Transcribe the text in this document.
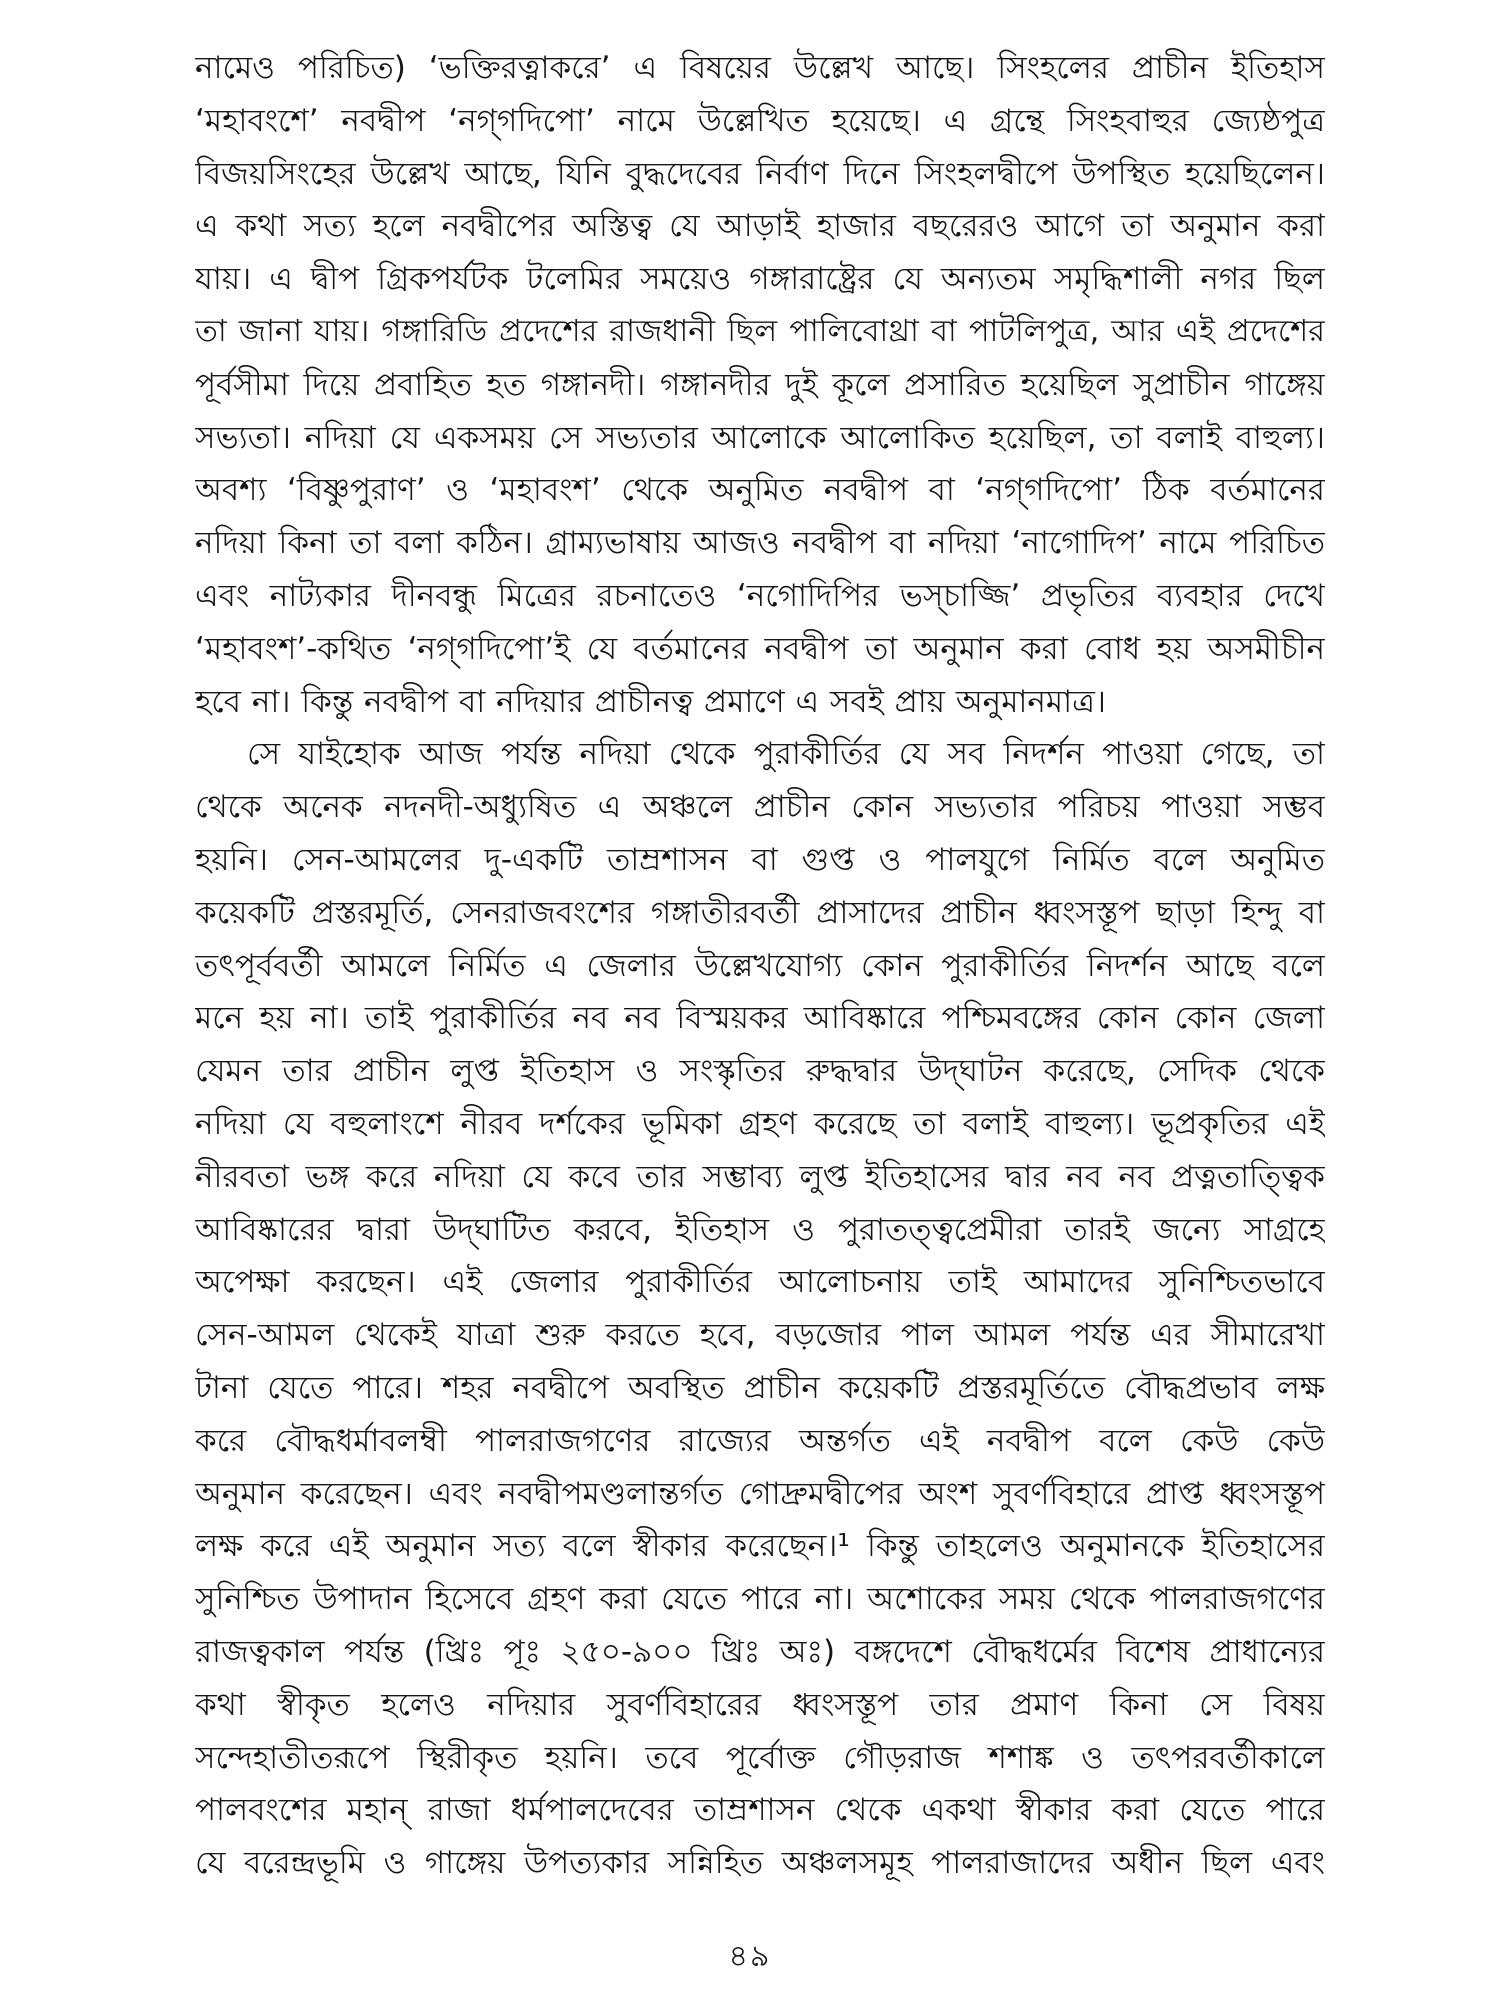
নামেও পরিচিত) ‘ভক্তিরত্নাকরে’ এ বিষয়ের উল্লেখ আছে। সিংহলের প্রাচীন ইতিহাস
‘মহাবংশে’ নবদ্বীপ ‘নগ্‌গদিপো’ নামে উল্লেখিত হয়েছে। এ গ্রন্থে সিংহবাহুর জ্যেষ্ঠপুত্র
বিজয়সিংহের উল্লেখ আছে, যিনি বুদ্ধদেবের নির্বাণ দিনে সিংহলদ্বীপে উপস্থিত হয়েছিলেন।
এ কথা সত্য হলে নবদ্বীপের অস্তিত্ব যে আড়াই হাজার বছরেরও আগে তা অনুমান করা
যায়। এ দ্বীপ গ্রিকপর্যটক টলেমির সময়েও গঙ্গারাষ্ট্রের যে অন্যতম সমৃদ্ধিশালী নগর ছিল
তা জানা যায়। গঙ্গারিডি প্রদেশের রাজধানী ছিল পালিবোথ্রা বা পাটলিপুত্র, আর এই প্রদেশের
পূর্বসীমা দিয়ে প্রবাহিত হত গঙ্গানদী। গঙ্গানদীর দুই কূলে প্রসারিত হয়েছিল সুপ্রাচীন গাঙ্গেয়
সভ্যতা। নদিয়া যে একসময় সে সভ্যতার আলোকে আলোকিত হয়েছিল, তা বলাই বাহুল্য।
অবশ্য ‘বিষ্ণুপুরাণ’ ও ‘মহাবংশ’ থেকে অনুমিত নবদ্বীপ বা ‘নগ্‌গদিপো’ ঠিক বর্তমানের
নদিয়া কিনা তা বলা কঠিন। গ্রাম্যভাষায় আজও নবদ্বীপ বা নদিয়া ‘নাগোদিপ’ নামে পরিচিত
এবং নাট্যকার দীনবন্ধু মিত্রের রচনাতেও ‘নগোদিপির ভস্‌চাজ্জি’ প্রভৃতির ব্যবহার দেখে
‘মহাবংশ’-কথিত ‘নগ্‌গদিপো’ই যে বর্তমানের নবদ্বীপ তা অনুমান করা বোধ হয় অসমীচীন
হবে না। কিন্তু নবদ্বীপ বা নদিয়ার প্রাচীনত্ব প্রমাণে এ সবই প্রায় অনুমানমাত্র।
সে যাইহোক আজ পর্যন্ত নদিয়া থেকে পুরাকীর্তির যে সব নিদর্শন পাওয়া গেছে, তা
থেকে অনেক নদনদী-অধ্যুষিত এ অঞ্চলে প্রাচীন কোন সভ্যতার পরিচয় পাওয়া সম্ভব
হয়নি। সেন-আমলের দু-একটি তাম্রশাসন বা গুপ্ত ও পালযুগে নির্মিত বলে অনুমিত
কয়েকটি প্রস্তরমূর্তি, সেনরাজবংশের গঙ্গাতীরবর্তী প্রাসাদের প্রাচীন ধ্বংসস্তূপ ছাড়া হিন্দু বা
তৎপূর্ববর্তী আমলে নির্মিত এ জেলার উল্লেখযোগ্য কোন পুরাকীর্তির নিদর্শন আছে বলে
মনে হয় না। তাই পুরাকীর্তির নব নব বিস্ময়কর আবিষ্কারে পশ্চিমবঙ্গের কোন কোন জেলা
যেমন তার প্রাচীন লুপ্ত ইতিহাস ও সংস্কৃতির রুদ্ধদ্বার উদ্‌ঘাটন করেছে, সেদিক থেকে
নদিয়া যে বহুলাংশে নীরব দর্শকের ভূমিকা গ্রহণ করেছে তা বলাই বাহুল্য। ভূপ্রকৃতির এই
নীরবতা ভঙ্গ করে নদিয়া যে কবে তার সম্ভাব্য লুপ্ত ইতিহাসের দ্বার নব নব প্রত্নতাত্ত্বিক
আবিষ্কারের দ্বারা উদ্‌ঘাটিত করবে, ইতিহাস ও পুরাতত্ত্বপ্রেমীরা তারই জন্যে সাগ্রহে
অপেক্ষা করছেন। এই জেলার পুরাকীর্তির আলোচনায় তাই আমাদের সুনিশ্চিতভাবে
সেন-আমল থেকেই যাত্রা শুরু করতে হবে, বড়জোর পাল আমল পর্যন্ত এর সীমারেখা
টানা যেতে পারে। শহর নবদ্বীপে অবস্থিত প্রাচীন কয়েকটি প্রস্তরমূর্তিতে বৌদ্ধপ্রভাব লক্ষ
করে বৌদ্ধধর্মাবলম্বী পালরাজগণের রাজ্যের অন্তর্গত এই নবদ্বীপ বলে কেউ কেউ
অনুমান করেছেন। এবং নবদ্বীপমণ্ডলান্তর্গত গোদ্রুমদ্বীপের অংশ সুবর্ণবিহারে প্রাপ্ত ধ্বংসস্তূপ
লক্ষ করে এই অনুমান সত্য বলে স্বীকার করেছেন।¹ কিন্তু তাহলেও অনুমানকে ইতিহাসের
সুনিশ্চিত উপাদান হিসেবে গ্রহণ করা যেতে পারে না। অশোকের সময় থেকে পালরাজগণের
রাজত্বকাল পর্যন্ত (খ্রিঃ পূঃ ২৫০-৯০০ খ্রিঃ অঃ) বঙ্গদেশে বৌদ্ধধর্মের বিশেষ প্রাধান্যের
কথা স্বীকৃত হলেও নদিয়ার সুবর্ণবিহারের ধ্বংসস্তূপ তার প্রমাণ কিনা সে বিষয়
সন্দেহাতীতরূপে স্থিরীকৃত হয়নি। তবে পূর্বোক্ত গৌড়রাজ শশাঙ্ক ও তৎপরবর্তীকালে
পালবংশের মহান্ রাজা ধর্মপালদেবের তাম্রশাসন থেকে একথা স্বীকার করা যেতে পারে
যে বরেন্দ্রভূমি ও গাঙ্গেয় উপত্যকার সন্নিহিত অঞ্চলসমূহ পালরাজাদের অধীন ছিল এবং
৪৯
